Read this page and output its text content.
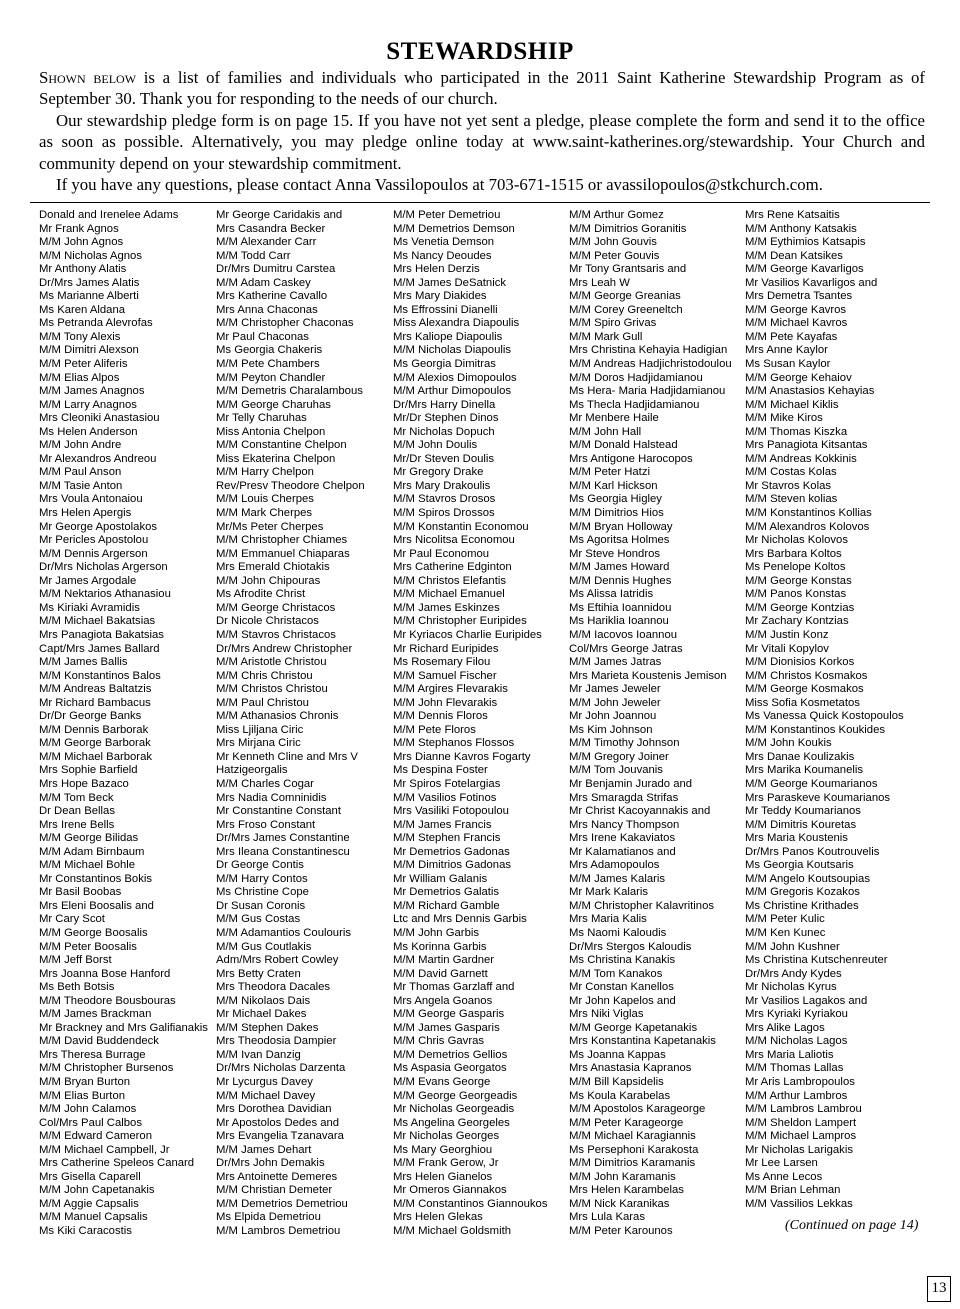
STEWARDSHIP

Shown below is a list of families and individuals who participated in the 2011 Saint Katherine Stewardship Program as of September 30. Thank you for responding to the needs of our church.

Our stewardship pledge form is on page 15. If you have not yet sent a pledge, please complete the form and send it to the office as soon as possible. Alternatively, you may pledge online today at www.saint-katherines.org/stewardship. Your Church and community depend on your stewardship commitment.

If you have any questions, please contact Anna Vassilopoulos at 703-671-1515 or avassilopoulos@stkchurch.com.

Donald and Irenelee Adams
Mr Frank Agnos
M/M John Agnos
M/M Nicholas Agnos
Mr Anthony Alatis
Dr/Mrs James Alatis
Ms Marianne Alberti
Ms Karen Aldana
Ms Petranda Alevrofas
M/M Tony Alexis
M/M Dimitri Alexson
M/M Peter Aliferis
M/M Elias Alpos
M/M James Anagnos
M/M Larry Anagnos
Mrs Cleoniki Anastasiou
Ms Helen Anderson
M/M John Andre
Mr Alexandros Andreou
M/M Paul Anson
M/M Tasie Anton
Mrs Voula Antonaiou
Mrs Helen Apergis
Mr George Apostolakos
Mr Pericles Apostolou
M/M Dennis Argerson
Dr/Mrs Nicholas Argerson
Mr James Argodale
M/M Nektarios Athanasiou
Ms Kiriaki Avramidis
M/M Michael Bakatsias
Mrs Panagiota Bakatsias
Capt/Mrs James Ballard
M/M James Ballis
M/M Konstantinos Balos
M/M Andreas Baltatzis
Mr Richard Bambacus
Dr/Dr George Banks
M/M Dennis Barborak
M/M George Barborak
M/M Michael Barborak
Mrs Sophie Barfield
Mrs Hope Bazaco
M/M Tom Beck
Dr Dean Bellas
Mrs Irene Bells
M/M George Bilidas
M/M Adam Birnbaum
M/M Michael Bohle
Mr Constantinos Bokis
Mr Basil Boobas
Mrs Eleni Boosalis and
Mr Cary Scot
M/M George Boosalis
M/M Peter Boosalis
M/M Jeff Borst
Mrs Joanna Bose Hanford
Ms Beth Botsis
M/M Theodore Bousbouras
M/M James Brackman
Mr Brackney and Mrs Galifianakis
M/M David Buddendeck
Mrs Theresa Burrage
M/M Christopher Bursenos
M/M Bryan Burton
M/M Elias Burton
M/M John Calamos
Col/Mrs Paul Calbos
M/M Edward Cameron
M/M Michael Campbell, Jr
Mrs Catherine Speleos Canard
Mrs Gisella Caparell
M/M John Capetanakis
M/M Aggie Capsalis
M/M Manuel Capsalis
Ms Kiki Caracostis
Mr George Caridakis and
Mrs Casandra Becker
M/M Alexander Carr
M/M Todd Carr
Dr/Mrs Dumitru Carstea
M/M Adam Caskey
Mrs Katherine Cavallo
Mrs Anna Chaconas
M/M Christopher Chaconas
Mr Paul Chaconas
Ms Georgia Chakeris
M/M Pete Chambers
M/M Peyton Chandler
M/M Demetris Charalambous
M/M George Charuhas
Mr Telly Charuhas
Miss Antonia Chelpon
M/M Constantine Chelpon
Miss Ekaterina Chelpon
M/M Harry Chelpon
Rev/Presv Theodore Chelpon
M/M Louis Cherpes
M/M Mark Cherpes
Mr/Ms Peter Cherpes
M/M Christopher Chiames
M/M Emmanuel Chiaparas
Mrs Emerald Chiotakis
M/M John Chipouras
Ms Afrodite Christ
M/M George Christacos
Dr Nicole Christacos
M/M Stavros Christacos
Dr/Mrs Andrew Christopher
M/M Aristotle Christou
M/M Chris Christou
M/M Christos Christou
M/M Paul Christou
M/M Athanasios Chronis
Miss Ljiljana Ciric
Mrs Mirjana Ciric
Mr Kenneth Cline and Mrs V
Hatzigeorgalis
M/M Charles Cogar
Mrs Nadia Comninidis
Mr Constantine Constant
Mrs Froso Constant
Dr/Mrs James Constantine
Mrs Ileana Constantinescu
Dr George Contis
M/M Harry Contos
Ms Christine Cope
Dr Susan Coronis
M/M Gus Costas
M/M Adamantios Coulouris
M/M Gus Coutlakis
Adm/Mrs Robert Cowley
Mrs Betty Craten
Mrs Theodora Dacales
M/M Nikolaos Dais
Mr Michael Dakes
M/M Stephen Dakes
Mrs Theodosia Dampier
M/M Ivan Danzig
Dr/Mrs Nicholas Darzenta
Mr Lycurgus Davey
M/M Michael Davey
Mrs Dorothea Davidian
Mr Apostolos Dedes and
Mrs Evangelia Tzanavara
M/M James Dehart
Dr/Mrs John Demakis
Mrs Antoinette Demeres
M/M Christian Demeter
M/M Demetrios Demetriou
Ms Elpida Demetriou
M/M Lambros Demetriou
M/M Peter Demetriou
M/M Demetrios Demson
Ms Venetia Demson
Ms Nancy Deoudes
Mrs Helen Derzis
M/M James DeSatnick
Mrs Mary Diakides
Ms Effrossini Dianelli
Miss Alexandra Diapoulis
Mrs Kaliope Diapoulis
M/M Nicholas Diapoulis
Ms Georgia Dimitras
M/M Alexios Dimopoulos
M/M Arthur Dimopoulos
Dr/Mrs Harry Dinella
Mr/Dr Stephen Dinos
Mr Nicholas Dopuch
M/M John Doulis
Mr/Dr Steven Doulis
Mr Gregory Drake
Mrs Mary Drakoulis
M/M Stavros Drosos
M/M Spiros Drossos
M/M Konstantin Economou
Mrs Nicolitsa Economou
Mr Paul Economou
Mrs Catherine Edginton
M/M Christos Elefantis
M/M Michael Emanuel
M/M James Eskinzes
M/M Christopher Euripides
Mr Kyriacos Charlie Euripides
Mr Richard Euripides
Ms Rosemary Filou
M/M Samuel Fischer
M/M Argires Flevarakis
M/M John Flevarakis
M/M Dennis Floros
M/M Pete Floros
M/M Stephanos Flossos
Mrs Dianne Kavros Fogarty
Ms Despina Foster
Mr Spiros Fotelargias
M/M Vasilios Fotinos
Mrs Vasiliki Fotopoulou
M/M James Francis
M/M Stephen Francis
Mr Demetrios Gadonas
M/M Dimitrios Gadonas
Mr William Galanis
Mr Demetrios Galatis
M/M Richard Gamble
Ltc and Mrs Dennis Garbis
M/M John Garbis
Ms Korinna Garbis
M/M Martin Gardner
M/M David Garnett
Mr Thomas Garzlaff and
Mrs Angela Goanos
M/M George Gasparis
M/M James Gasparis
M/M Chris Gavras
M/M Demetrios Gellios
Ms Aspasia Georgatos
M/M Evans George
M/M George Georgeadis
Mr Nicholas Georgeadis
Ms Angelina Georgeles
Mr Nicholas Georges
Ms Mary Georghiou
M/M Frank Gerow, Jr
Mrs Helen Gianelos
Mr Omeros Giannakos
M/M Constantinos Giannoukos
Mrs Helen Glekas
M/M Michael Goldsmith
M/M Arthur Gomez
M/M Dimitrios Goranitis
M/M John Gouvis
M/M Peter Gouvis
Mr Tony Grantsaris and
Mrs Leah W
M/M George Greanias
M/M Corey Greeneltch
M/M Spiro Grivas
M/M Mark Gull
Mrs Christina Kehayia Hadigian
M/M Andreas Hadjichristodoulou
M/M Doros Hadjidamianou
Ms Hera- Maria Hadjidamianou
Ms Thecla Hadjidamianou
Mr Menbere Haile
M/M John Hall
M/M Donald Halstead
Mrs Antigone Harocopos
M/M Peter Hatzi
M/M Karl Hickson
Ms Georgia Higley
M/M Dimitrios Hios
M/M Bryan Holloway
Ms Agoritsa Holmes
Mr Steve Hondros
M/M James Howard
M/M Dennis Hughes
Ms Alissa Iatridis
Ms Eftihia Ioannidou
Ms Hariklia Ioannou
M/M Iacovos Ioannou
Col/Mrs George Jatras
M/M James Jatras
Mrs Marieta Koustenis Jemison
Mr James Jeweler
M/M John Jeweler
Mr John Joannou
Ms Kim Johnson
M/M Timothy Johnson
M/M Gregory Joiner
M/M Tom Jouvanis
Mr Benjamin Jurado and
Mrs Smaragda Strifas
Mr Christ Kacoyannakis and
Mrs Nancy Thompson
Mrs Irene Kakaviatos
Mr Kalamatianos and
Mrs Adamopoulos
M/M James Kalaris
Mr Mark Kalaris
M/M Christopher Kalavritinos
Mrs Maria Kalis
Ms Naomi Kaloudis
Dr/Mrs Stergos Kaloudis
Ms Christina Kanakis
M/M Tom Kanakos
Mr Constan Kanellos
Mr John Kapelos and
Mrs Niki Viglas
M/M George Kapetanakis
Mrs Konstantina Kapetanakis
Ms Joanna Kappas
Mrs Anastasia Kapranos
M/M Bill Kapsidelis
Ms Koula Karabelas
M/M Apostolos Karageorge
M/M Peter Karageorge
M/M Michael Karagiannis
Ms Persephoni Karakosta
M/M Dimitrios Karamanis
M/M John Karamanis
Mrs Helen Karambelas
M/M Nick Karanikas
Mrs Lula Karas
M/M Peter Karounos
Mrs Rene Katsaitis
M/M Anthony Katsakis
M/M Eythimios Katsapis
M/M Dean Katsikes
M/M George Kavarligos
Mr Vasilios Kavarligos and
Mrs Demetra Tsantes
M/M George Kavros
M/M Michael Kavros
M/M Pete Kayafas
Mrs Anne Kaylor
Ms Susan Kaylor
M/M George Kehaiov
M/M Anastasios Kehayias
M/M Michael Kiklis
M/M Mike Kiros
M/M Thomas Kiszka
Mrs Panagiota Kitsantas
M/M Andreas Kokkinis
M/M Costas Kolas
Mr Stavros Kolas
M/M Steven kolias
M/M Konstantinos Kollias
M/M Alexandros Kolovos
Mr Nicholas Kolovos
Mrs Barbara Koltos
Ms Penelope Koltos
M/M George Konstas
M/M Panos Konstas
M/M George Kontzias
Mr Zachary Kontzias
M/M Justin Konz
Mr Vitali Kopylov
M/M Dionisios Korkos
M/M Christos Kosmakos
M/M George Kosmakos
Miss Sofia Kosmetatos
Ms Vanessa Quick Kostopoulos
M/M Konstantinos Koukides
M/M John Koukis
Mrs Danae Koulizakis
Mrs Marika Koumanelis
M/M George Koumarianos
Mrs Paraskeve Koumarianos
Mr Teddy Koumarianos
M/M Dimitris Kouretas
Mrs Maria Koustenis
Dr/Mrs Panos Koutrouvelis
Ms Georgia Koutsaris
M/M Angelo Koutsoupias
M/M Gregoris Kozakos
Ms Christine Krithades
M/M Peter Kulic
M/M Ken Kunec
M/M John Kushner
Ms Christina Kutschenreuter
Dr/Mrs Andy Kydes
Mr Nicholas Kyrus
Mr Vasilios Lagakos and
Mrs Kyriaki Kyriakou
Mrs Alike Lagos
M/M Nicholas Lagos
Mrs Maria Laliotis
M/M Thomas Lallas
Mr Aris Lambropoulos
M/M Arthur Lambros
M/M Lambros Lambrou
M/M Sheldon Lampert
M/M Michael Lampros
Mr Nicholas Larigakis
Mr Lee Larsen
Ms Anne Lecos
M/M Brian Lehman
M/M Vassilios Lekkas
(Continued on page 14)
13
